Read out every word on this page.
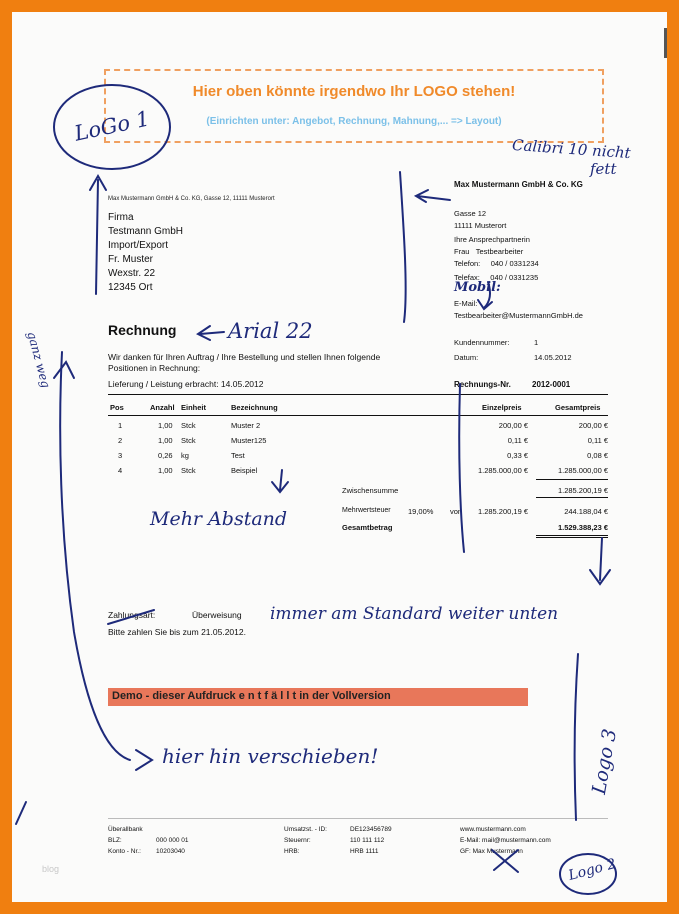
Hier oben könnte irgendwo Ihr LOGO stehen!
(Einrichten unter: Angebot, Rechnung, Mahnung,... => Layout)
Max Mustermann GmbH & Co. KG, Gasse 12, 11111 Musterort
Firma
Testmann GmbH
Import/Export
Fr. Muster
Wexstr. 22
12345 Ort
Max Mustermann GmbH & Co. KG
Gasse 12
11111 Musterort
Ihre Ansprechpartnerin
Frau Testbearbeiter
Telefon: 040 / 0331234
Telefax: 040 / 0331235
E-Mail:
Testbearbeiter@MustermannGmbH.de
Kundennummer:	1
Datum:	14.05.2012
Rechnungs-Nr.	2012-0001
Rechnung
Wir danken für Ihren Auftrag / Ihre Bestellung und stellen Ihnen folgende
Positionen in Rechnung:
Lieferung / Leistung erbracht: 14.05.2012
Pos	Anzahl Einheit	Bezeichnung	Einzelpreis	Gesamtpreis
1	1,00 Stck	Muster 2	200,00 €	200,00 €
2	1,00 Stck	Muster125	0,11 €	0,11 €
3	0,26 kg	Test	0,33 €	0,08 €
4	1,00 Stck	Beispiel	1.285.000,00 €	1.285.000,00 €
Zwischensumme	1.285.200,19 €
Mehrwertsteuer 19,00% von	1.285.200,19 €	244.188,04 €
Gesamtbetrag	1.529.388,23 €
Zahlungsart:	Überweisung
Bitte zahlen Sie bis zum 21.05.2012.
Demo - dieser Aufdruck e n t f ä l l t in der Vollversion
Überallbank
BLZ:	000 000 01
Konto - Nr.: 10203040
Umsatzst. - ID:	DE123456789
Steuernr:	110 111 112
HRB:	HRB 1111
www.mustermann.com
E-Mail: mail@mustermann.com
GF: Max Mustermann
blog
LoGo 1
Calibri 10 nicht
fett
Arial 22
Mobil:
ganz weg
Mehr Abstand
immer am Standard weiter unten
hier hin verschieben!	Logo 3
Logo 2
